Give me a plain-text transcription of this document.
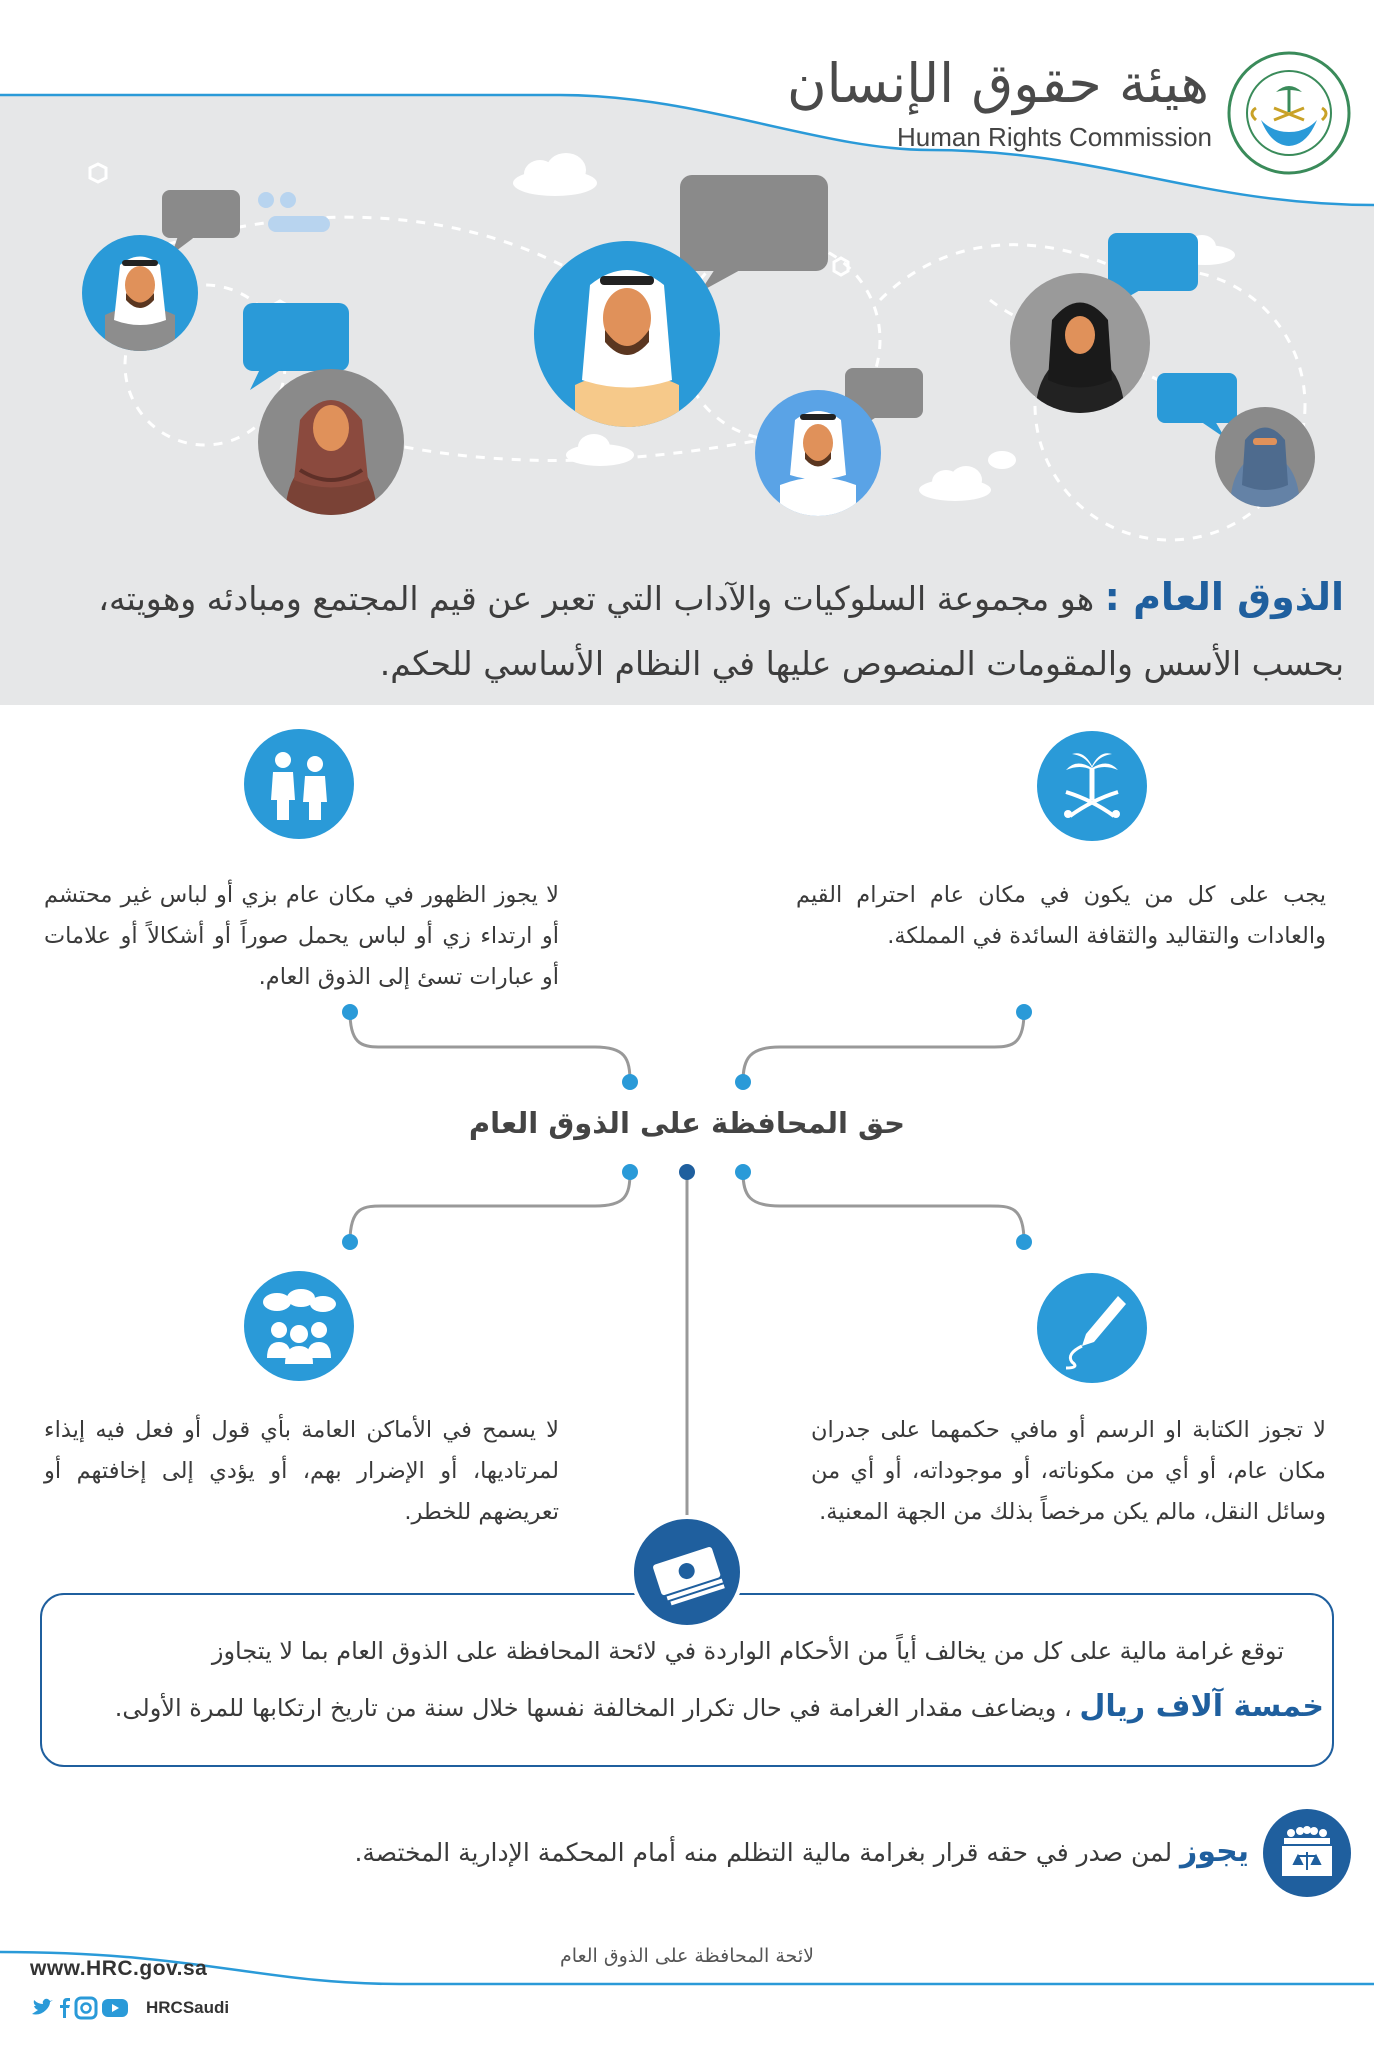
هيئة حقوق الإنسان
Human Rights Commission
الذوق العام : هو مجموعة السلوكيات والآداب التي تعبر عن قيم المجتمع ومبادئه وهويته، بحسب الأسس والمقومات المنصوص عليها في النظام الأساسي للحكم.
حق المحافظة على الذوق العام
يجب على كل من يكون في مكان عام احترام القيم والعادات والتقاليد والثقافة السائدة في المملكة.
لا يجوز الظهور في مكان عام بزي أو لباس غير محتشم أو ارتداء زي أو لباس يحمل صوراً أو أشكالاً أو علامات أو عبارات تسئ إلى الذوق العام.
لا تجوز الكتابة او الرسم أو مافي حكمهما على جدران مكان عام، أو أي من مكوناته، أو موجوداته، أو أي من وسائل النقل، مالم يكن مرخصاً بذلك من الجهة المعنية.
لا يسمح في الأماكن العامة بأي قول أو فعل فيه إيذاء لمرتاديها، أو الإضرار بهم، أو يؤدي إلى إخافتهم أو تعريضهم للخطر.
توقع غرامة مالية على كل من يخالف أياً من الأحكام الواردة في لائحة المحافظة على الذوق العام بما لا يتجاوز
خمسة آلاف ريال ، ويضاعف مقدار الغرامة في حال تكرار المخالفة نفسها خلال سنة من تاريخ ارتكابها للمرة الأولى.
يجوز لمن صدر في حقه قرار بغرامة مالية التظلم منه أمام المحكمة الإدارية المختصة.
لائحة المحافظة على الذوق العام
www.HRC.gov.sa
HRCSaudi
